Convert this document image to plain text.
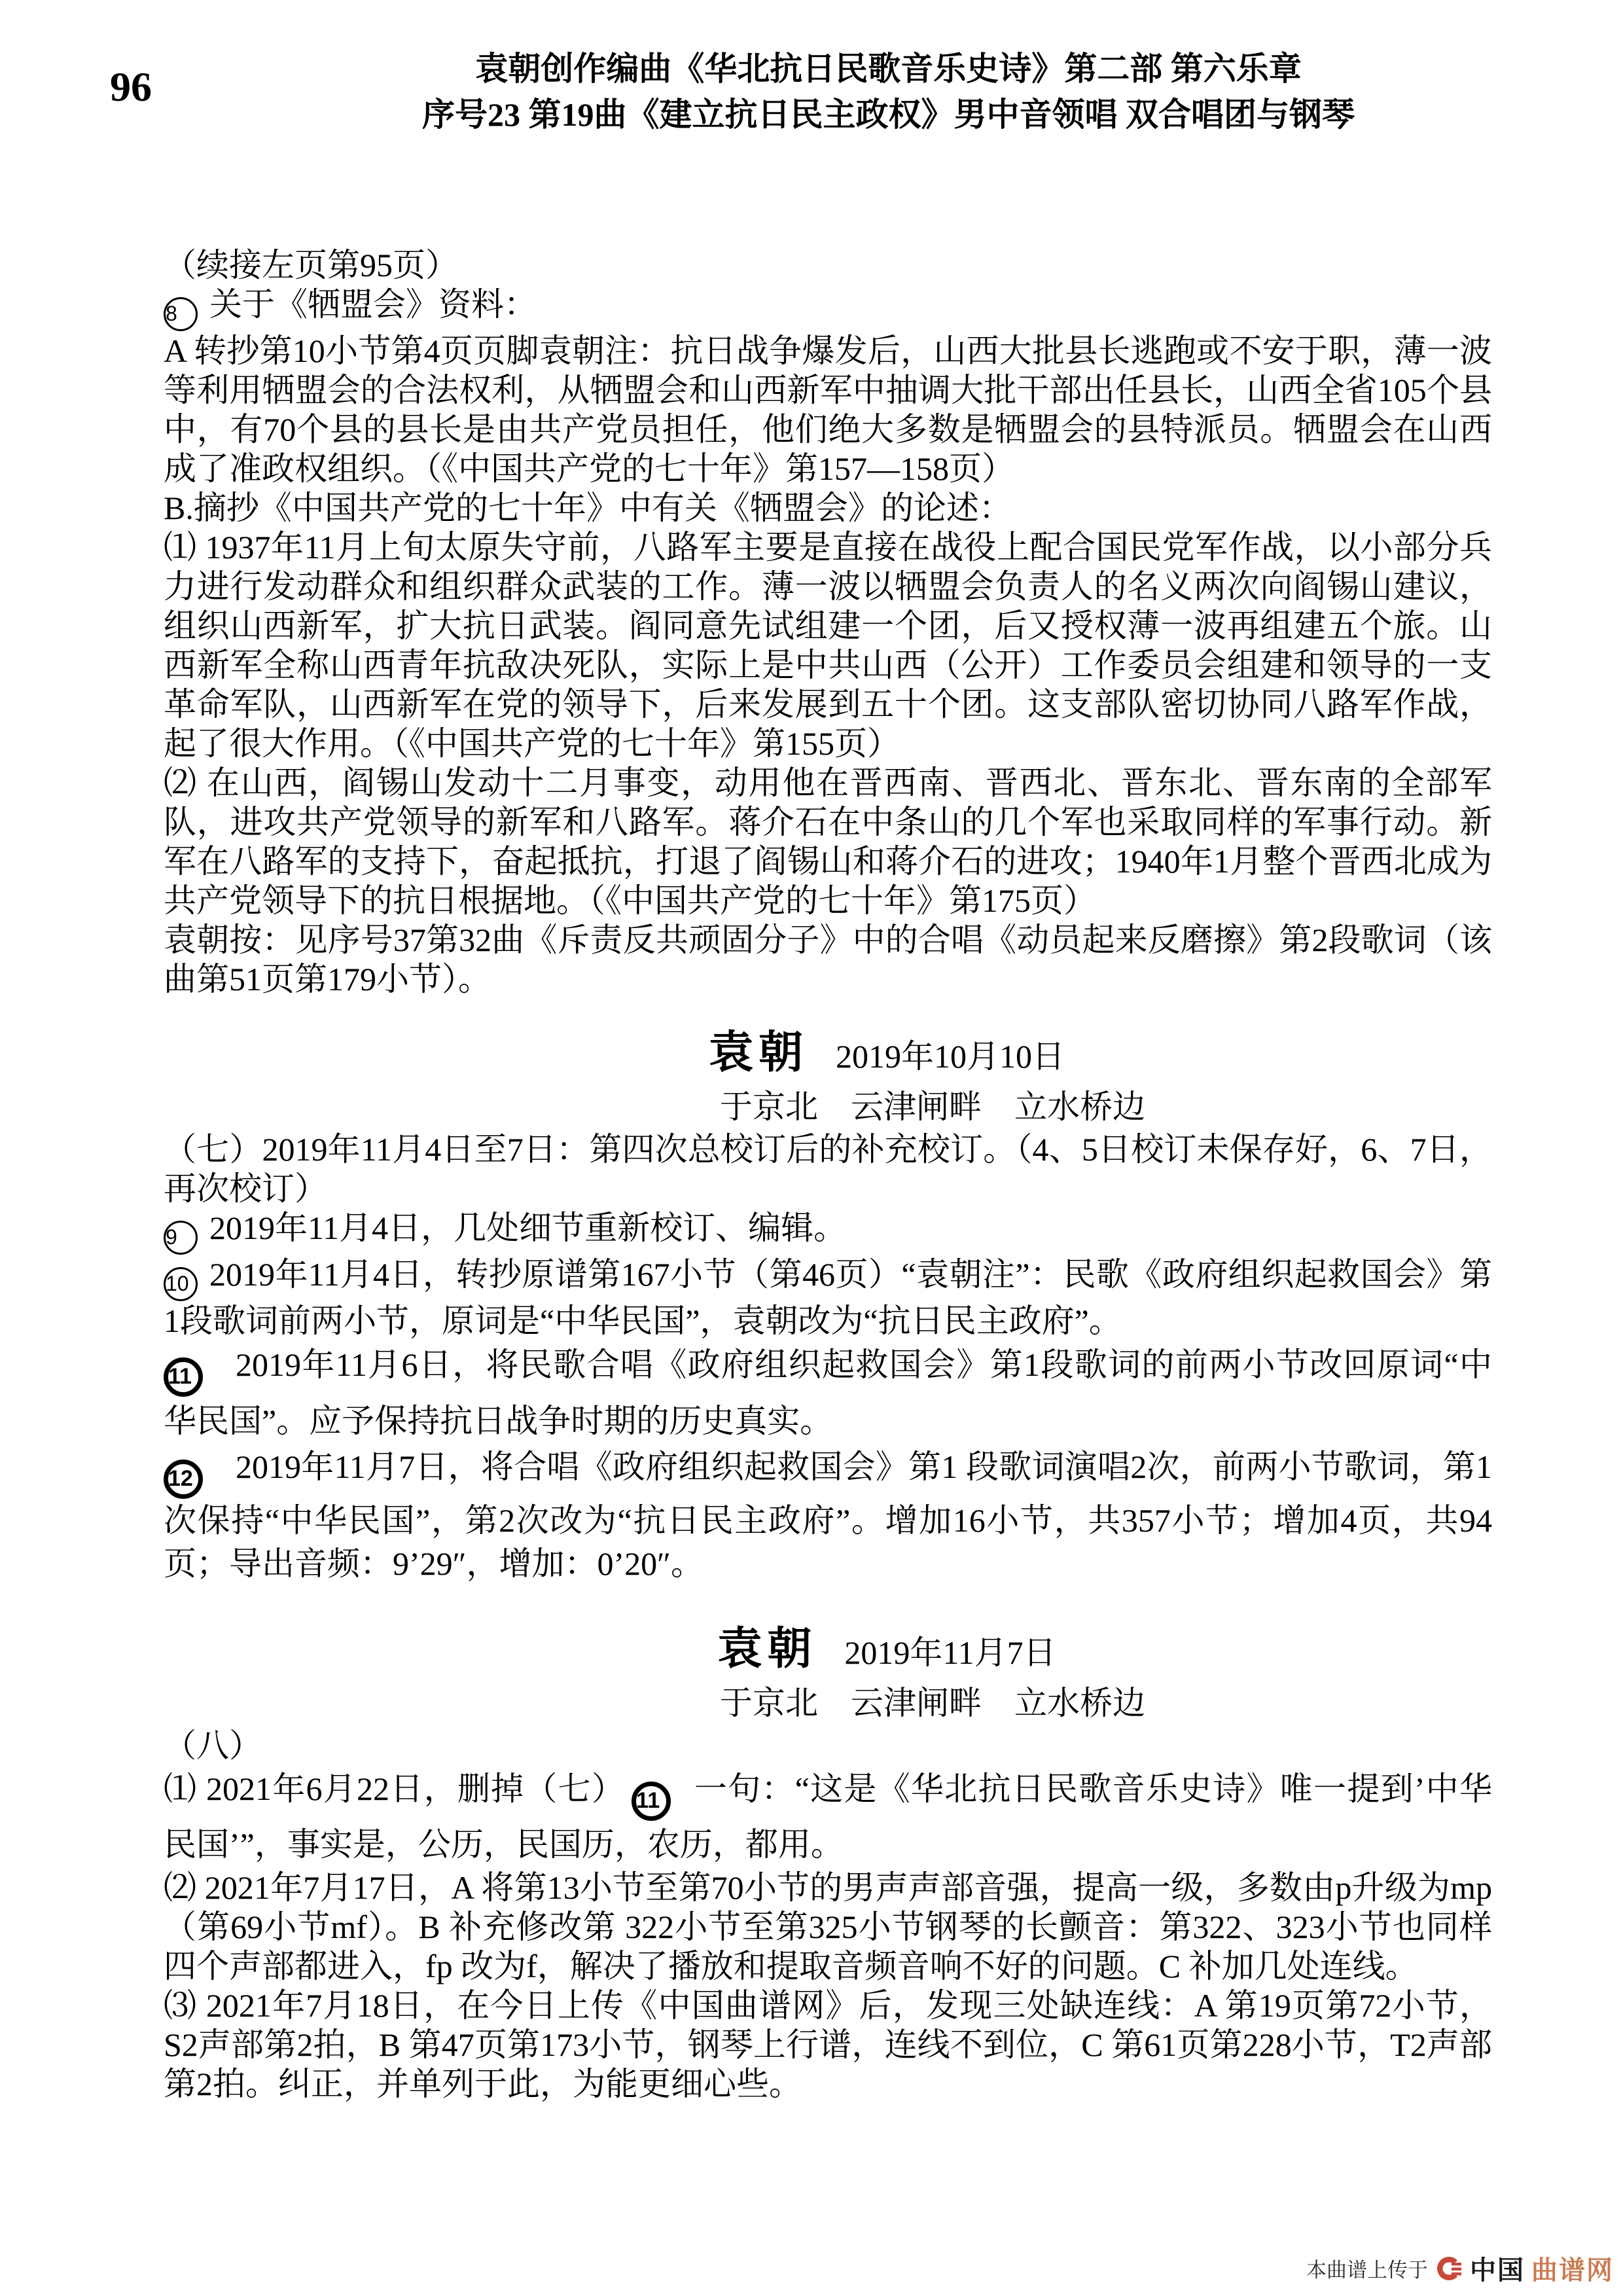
96	袁朝创作编曲《华北抗日民歌音乐史诗》第二部 第六乐章
序号23 第19曲《建立抗日民主政权》男中音领唱 双合唱团与钢琴

（续接左页第95页）

8 关于《牺盟会》资料：

A 转抄第10小节第4页页脚袁朝注：抗日战争爆发后，山西大批县长逃跑或不安于职，薄一波等利用牺盟会的合法权利，从牺盟会和山西新军中抽调大批干部出任县长，山西全省105个县中，有70个县的县长是由共产党员担任，他们绝大多数是牺盟会的县特派员。牺盟会在山西成了准政权组织。（《中国共产党的七十年》第157—158页）

B.摘抄《中国共产党的七十年》中有关《牺盟会》的论述：

⑴ 1937年11月上旬太原失守前，八路军主要是直接在战役上配合国民党军作战，以小部分兵力进行发动群众和组织群众武装的工作。薄一波以牺盟会负责人的名义两次向阎锡山建议，组织山西新军，扩大抗日武装。阎同意先试组建一个团，后又授权薄一波再组建五个旅。山西新军全称山西青年抗敌决死队，实际上是中共山西（公开）工作委员会组建和领导的一支革命军队，山西新军在党的领导下，后来发展到五十个团。这支部队密切协同八路军作战，起了很大作用。（《中国共产党的七十年》第155页）

⑵ 在山西，阎锡山发动十二月事变，动用他在晋西南、晋西北、晋东北、晋东南的全部军队，进攻共产党领导的新军和八路军。蒋介石在中条山的几个军也采取同样的军事行动。新军在八路军的支持下，奋起抵抗，打退了阎锡山和蒋介石的进攻；1940年1月整个晋西北成为共产党领导下的抗日根据地。（《中国共产党的七十年》第175页）

袁朝按：见序号37第32曲《斥责反共顽固分子》中的合唱《动员起来反磨擦》第2段歌词（该曲第51页第179小节）。

袁朝 2019年10月10日
于京北　云津闸畔　立水桥边

（七）2019年11月4日至7日：第四次总校订后的补充校订。（4、5日校订未保存好，6、7日，再次校订）

9 2019年11月4日，几处细节重新校订、编辑。

10 2019年11月4日，转抄原谱第167小节（第46页）“袁朝注”：民歌《政府组织起救国会》第1段歌词前两小节，原词是“中华民国”，袁朝改为“抗日民主政府”。

11 2019年11月6日，将民歌合唱《政府组织起救国会》第1段歌词的前两小节改回原词“中华民国”。应予保持抗日战争时期的历史真实。

12 2019年11月7日，将合唱《政府组织起救国会》第1 段歌词演唱2次，前两小节歌词，第1次保持“中华民国”，第2次改为“抗日民主政府”。增加16小节，共357小节；增加4页，共94页；导出音频：9’29″，增加：0’20″。

袁朝 2019年11月7日
于京北　云津闸畔　立水桥边

（八）

⑴ 2021年6月22日，删掉（七） 11 一句：“这是《华北抗日民歌音乐史诗》唯一提到’中华民国’”，事实是，公历，民国历，农历，都用。

⑵ 2021年7月17日，A 将第13小节至第70小节的男声声部音强，提高一级，多数由p升级为mp（第69小节mf）。B 补充修改第 322小节至第325小节钢琴的长颤音：第322、323小节也同样四个声部都进入，fp 改为f，解决了播放和提取音频音响不好的问题。C 补加几处连线。

⑶ 2021年7月18日，在今日上传《中国曲谱网》后，发现三处缺连线：A 第19页第72小节，S2声部第2拍，B 第47页第173小节，钢琴上行谱，连线不到位，C 第61页第228小节，T2声部第2拍。纠正，并单列于此，为能更细心些。

本曲谱上传于 中国 曲谱网
